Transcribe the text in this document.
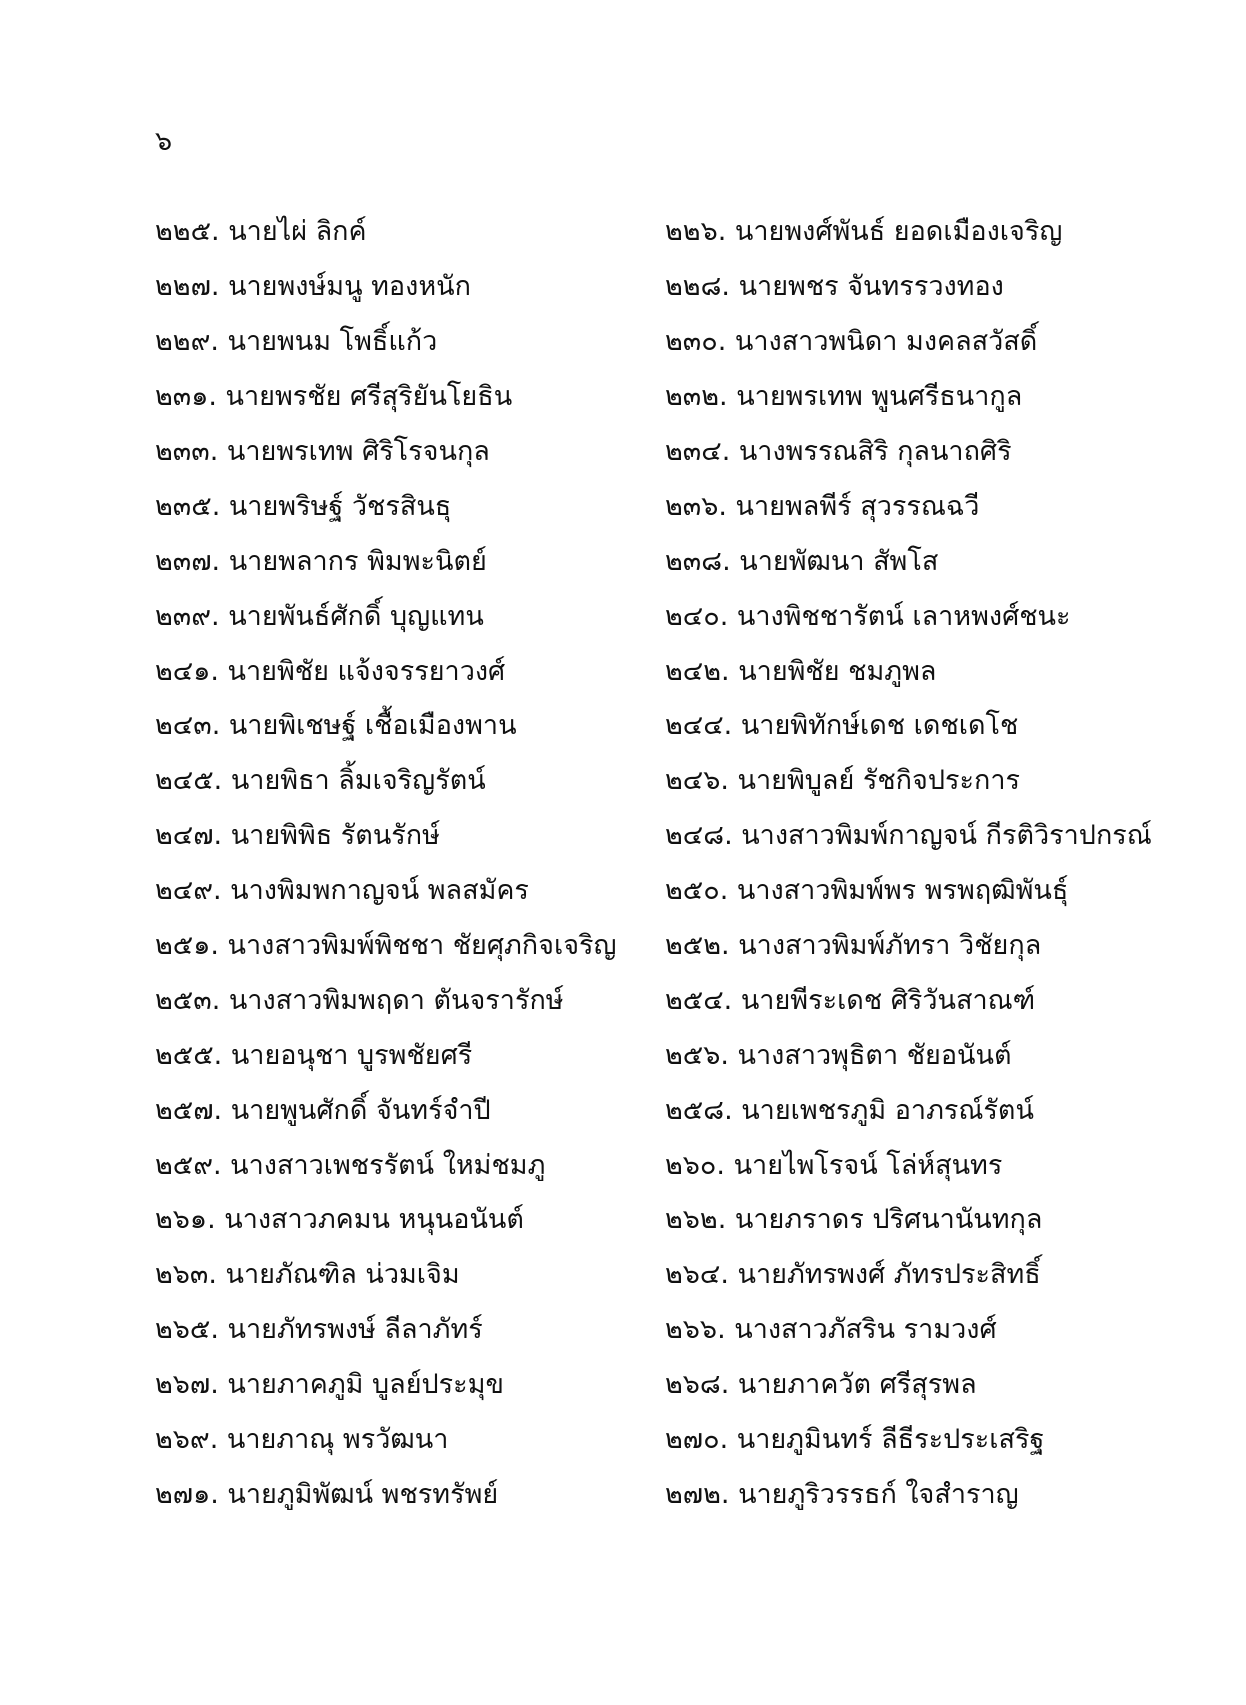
๖
๒๒๕. นายไผ่ ลิกค์	๒๒๖. นายพงศ์พันธ์ ยอดเมืองเจริญ
๒๒๗. นายพงษ์มนู ทองหนัก	๒๒๘. นายพชร จันทรรวงทอง
๒๒๙. นายพนม โพธิ์แก้ว	๒๓๐. นางสาวพนิดา มงคลสวัสดิ์
๒๓๑. นายพรชัย ศรีสุริยันโยธิน	๒๓๒. นายพรเทพ พูนศรีธนากูล
๒๓๓. นายพรเทพ ศิริโรจนกุล	๒๓๔. นางพรรณสิริ กุลนาถศิริ
๒๓๕. นายพริษฐ์ วัชรสินธุ	๒๓๖. นายพลพีร์ สุวรรณฉวี
๒๓๗. นายพลากร พิมพะนิตย์	๒๓๘. นายพัฒนา สัพโส
๒๓๙. นายพันธ์ศักดิ์ บุญแทน	๒๔๐. นางพิชชารัตน์ เลาหพงศ์ชนะ
๒๔๑. นายพิชัย แจ้งจรรยาวงศ์	๒๔๒. นายพิชัย ชมภูพล
๒๔๓. นายพิเชษฐ์ เชื้อเมืองพาน	๒๔๔. นายพิทักษ์เดช เดชเดโช
๒๔๕. นายพิธา ลิ้มเจริญรัตน์	๒๔๖. นายพิบูลย์ รัชกิจประการ
๒๔๗. นายพิพิธ รัตนรักษ์	๒๔๘. นางสาวพิมพ์กาญจน์ กีรติวิราปกรณ์
๒๔๙. นางพิมพกาญจน์ พลสมัคร	๒๕๐. นางสาวพิมพ์พร พรพฤฒิพันธุ์
๒๕๑. นางสาวพิมพ์พิชชา ชัยศุภกิจเจริญ	๒๕๒. นางสาวพิมพ์ภัทรา วิชัยกุล
๒๕๓. นางสาวพิมพฤดา ตันจรารักษ์	๒๕๔. นายพีระเดช ศิริวันสาณฑ์
๒๕๕. นายอนุชา บูรพชัยศรี	๒๕๖. นางสาวพุธิตา ชัยอนันต์
๒๕๗. นายพูนศักดิ์ จันทร์จำปี	๒๕๘. นายเพชรภูมิ อาภรณ์รัตน์
๒๕๙. นางสาวเพชรรัตน์ ใหม่ชมภู	๒๖๐. นายไพโรจน์ โล่ห์สุนทร
๒๖๑. นางสาวภคมน หนุนอนันต์	๒๖๒. นายภราดร ปริศนานันทกุล
๒๖๓. นายภัณฑิล น่วมเจิม	๒๖๔. นายภัทรพงศ์ ภัทรประสิทธิ์
๒๖๕. นายภัทรพงษ์ ลีลาภัทร์	๒๖๖. นางสาวภัสริน รามวงศ์
๒๖๗. นายภาคภูมิ บูลย์ประมุข	๒๖๘. นายภาควัต ศรีสุรพล
๒๖๙. นายภาณุ พรวัฒนา	๒๗๐. นายภูมินทร์ ลีธีระประเสริฐ
๒๗๑. นายภูมิพัฒน์ พชรทรัพย์	๒๗๒. นายภูริวรรธก์ ใจสำราญ
